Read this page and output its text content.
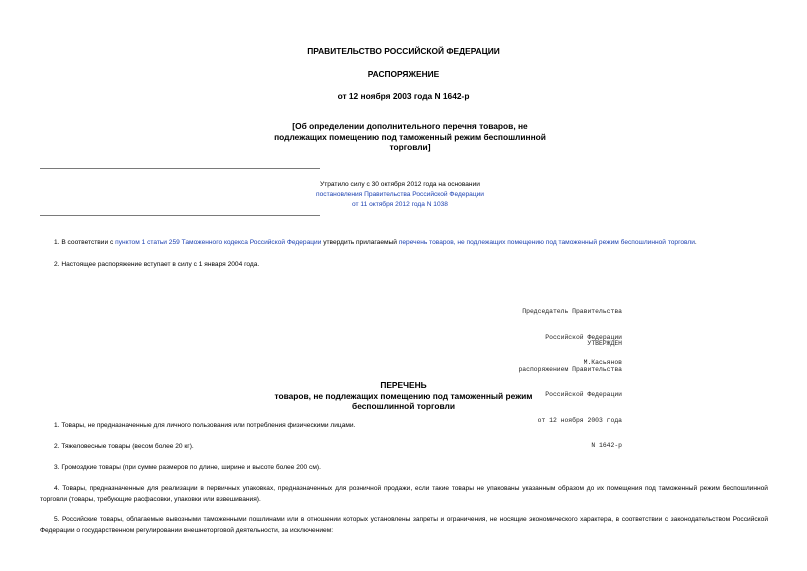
ПРАВИТЕЛЬСТВО РОССИЙСКОЙ ФЕДЕРАЦИИ
РАСПОРЯЖЕНИЕ
от 12 ноября 2003 года N 1642-р
[Об определении дополнительного перечня товаров, не
подлежащих помещению под таможенный режим беспошлинной
торговли]
Утратило силу с 30 октября 2012 года на основании
постановления Правительства Российской Федерации
от 11 октября 2012 года N 1038
1. В соответствии с пунктом 1 статьи 259 Таможенного кодекса Российской Федерации утвердить прилагаемый перечень товаров, не подлежащих помещению под таможенный режим беспошлинной торговли.
2. Настоящее распоряжение вступает в силу с 1 января 2004 года.

Председатель Правительства

Российской Федерации

М.Касьянов

УТВЕРЖДЕН

распоряжением Правительства

Российской Федерации

от 12 ноября 2003 года

N 1642-р

ПЕРЕЧЕНЬ
товаров, не подлежащих помещению под таможенный режим
беспошлинной торговли
1. Товары, не предназначенные для личного пользования или потребления физическими лицами.
2. Тяжеловесные товары (весом более 20 кг).
3. Громоздкие товары (при сумме размеров по длине, ширине и высоте более 200 см).
4. Товары, предназначенные для реализации в первичных упаковках, предназначенных для розничной продажи, если такие товары не упакованы указанным образом до их помещения под таможенный режим беспошлинной торговли (товары, требующие расфасовки, упаковки или взвешивания).
5. Российские товары, облагаемые вывозными таможенными пошлинами или в отношении которых установлены запреты и ограничения, не носящие экономического характера, в соответствии с законодательством Российской Федерации о государственном регулировании внешнеторговой деятельности, за исключением:
